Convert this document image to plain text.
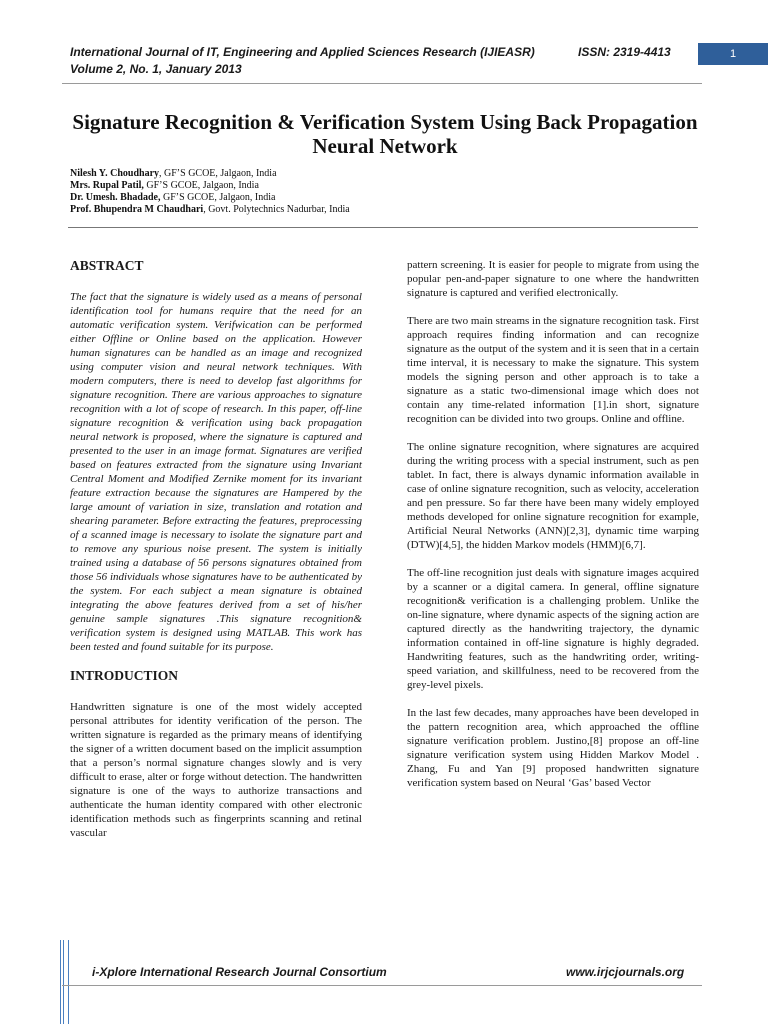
International Journal of IT, Engineering and Applied Sciences Research (IJIEASR)	ISSN: 2319-4413
Volume 2, No. 1, January 2013
1
Signature Recognition & Verification System Using Back Propagation Neural Network
Nilesh Y. Choudhary, GF’S GCOE, Jalgaon, India
Mrs. Rupal Patil, GF’S GCOE, Jalgaon, India
Dr. Umesh. Bhadade, GF’S GCOE, Jalgaon, India
Prof. Bhupendra M Chaudhari, Govt. Polytechnics Nadurbar, India
ABSTRACT

The fact that the signature is widely used as a means of personal identification tool for humans require that the need for an automatic verification system. Verifwication can be performed either Offline or Online based on the application. However human signatures can be handled as an image and recognized using computer vision and neural network techniques. With modern computers, there is need to develop fast algorithms for signature recognition. There are various approaches to signature recognition with a lot of scope of research. In this paper, off-line signature recognition & verification using back propagation neural network is proposed, where the signature is captured and presented to the user in an image format. Signatures are verified based on features extracted from the signature using Invariant Central Moment and Modified Zernike moment for its invariant feature extraction because the signatures are Hampered by the large amount of variation in size, translation and rotation and shearing parameter. Before extracting the features, preprocessing of a scanned image is necessary to isolate the signature part and to remove any spurious noise present. The system is initially trained using a database of 56 persons signatures obtained from those 56 individuals whose signatures have to be authenticated by the system. For each subject a mean signature is obtained integrating the above features derived from a set of his/her genuine sample signatures .This signature recognition& verification system is designed using MATLAB. This work has been tested and found suitable for its purpose.

INTRODUCTION

Handwritten signature is one of the most widely accepted personal attributes for identity verification of the person. The written signature is regarded as the primary means of identifying the signer of a written document based on the implicit assumption that a person’s normal signature changes slowly and is very difficult to erase, alter or forge without detection. The handwritten signature is one of the ways to authorize transactions and authenticate the human identity compared with other electronic identification methods such as fingerprints scanning and retinal vascular

pattern screening. It is easier for people to migrate from using the popular pen-and-paper signature to one where the handwritten signature is captured and verified electronically.

There are two main streams in the signature recognition task. First approach requires finding information and can recognize signature as the output of the system and it is seen that in a certain time interval, it is necessary to make the signature. This system models the signing person and other approach is to take a signature as a static two-dimensional image which does not contain any time-related information [1].in short, signature recognition can be divided into two groups. Online and offline.

The online signature recognition, where signatures are acquired during the writing process with a special instrument, such as pen tablet. In fact, there is always dynamic information available in case of online signature recognition, such as velocity, acceleration and pen pressure. So far there have been many widely employed methods developed for online signature recognition for example, Artificial Neural Networks (ANN)[2,3], dynamic time warping (DTW)[4,5], the hidden Markov models (HMM)[6,7].

The off-line recognition just deals with signature images acquired by a scanner or a digital camera. In general, offline signature recognition& verification is a challenging problem. Unlike the on-line signature, where dynamic aspects of the signing action are captured directly as the handwriting trajectory, the dynamic information contained in off-line signature is highly degraded. Handwriting features, such as the handwriting order, writing-speed variation, and skillfulness, need to be recovered from the grey-level pixels.

In the last few decades, many approaches have been developed in the pattern recognition area, which approached the offline signature verification problem. Justino,[8] propose an off-line signature verification system using Hidden Markov Model . Zhang, Fu and Yan [9] proposed handwritten signature verification system based on Neural ‘Gas’ based Vector

i-Xplore International Research Journal Consortium	www.irjcjournals.org
